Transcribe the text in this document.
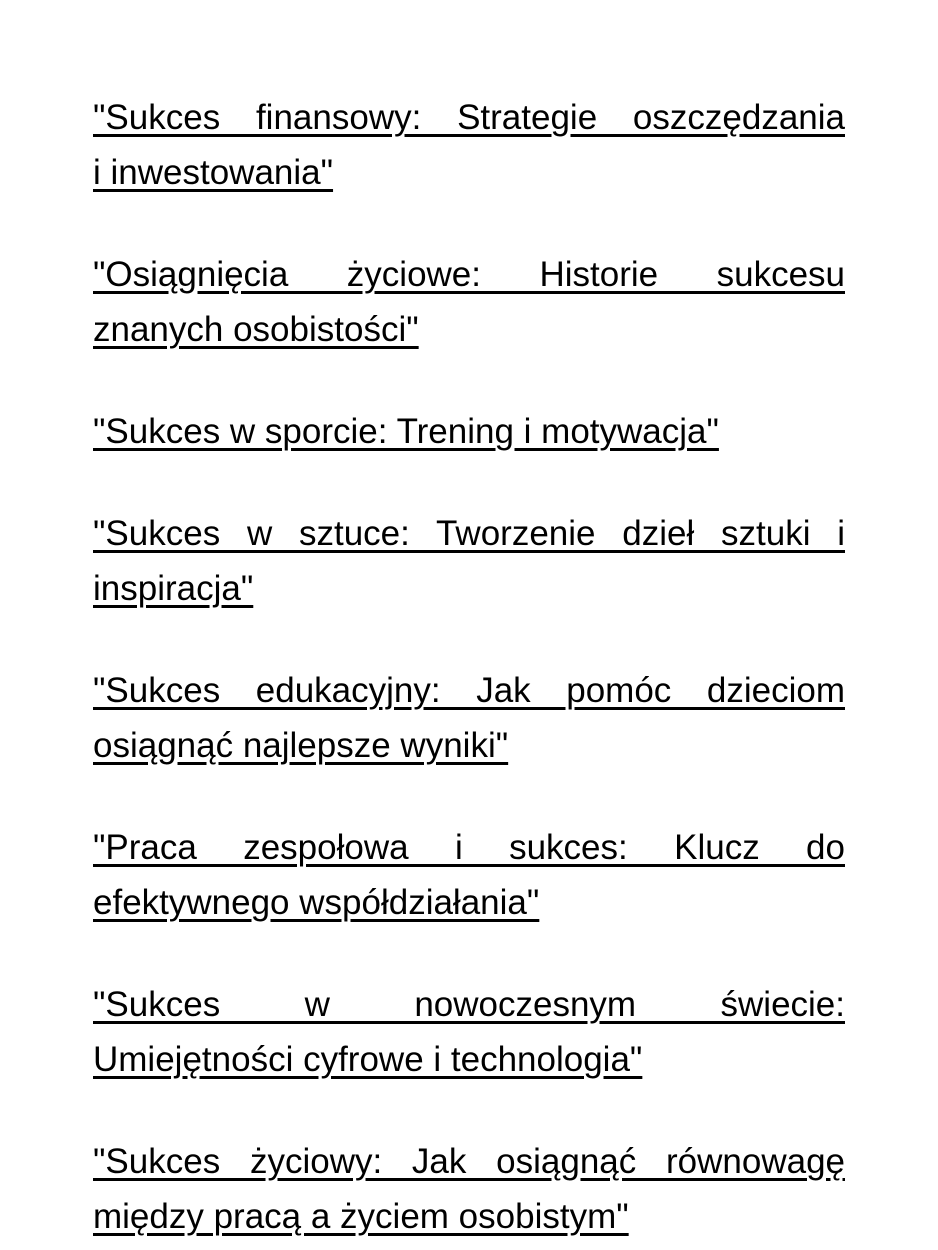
"Sukces finansowy: Strategie oszczędzania
i inwestowania"
"Osiągnięcia życiowe: Historie sukcesu
znanych osobistości"
"Sukces w sporcie: Trening i motywacja"
"Sukces w sztuce: Tworzenie dzieł sztuki i
inspiracja"
"Sukces edukacyjny: Jak pomóc dzieciom
osiągnąć najlepsze wyniki"
"Praca zespołowa i sukces: Klucz do
efektywnego współdziałania"
"Sukces w nowoczesnym świecie:
Umiejętności cyfrowe i technologia"
"Sukces życiowy: Jak osiągnąć równowagę
między pracą a życiem osobistym"
